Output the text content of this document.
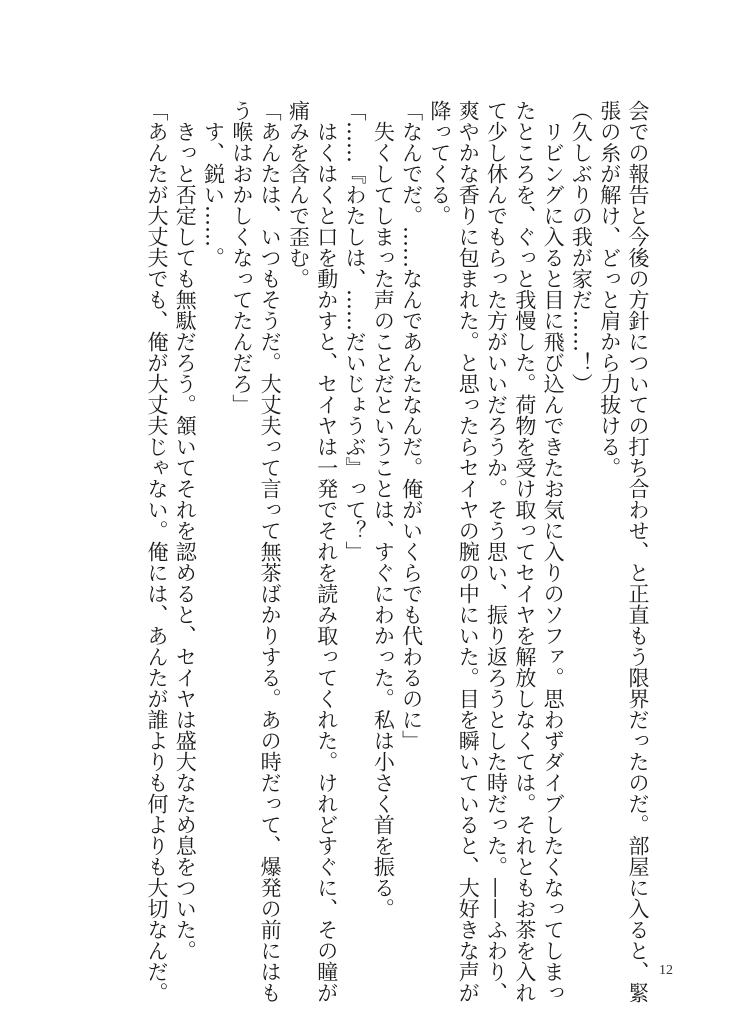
会での報告と今後の方針についての打ち合わせ、と正直もう限界だったのだ。部屋に入ると、緊
張の糸が解け、どっと肩から力抜ける。
（久しぶりの我が家だ……！）
　リビングに入ると目に飛び込んできたお気に入りのソファ。思わずダイブしたくなってしまっ
たところを、ぐっと我慢した。荷物を受け取ってセイヤを解放しなくては。それともお茶を入れ
て少し休んでもらった方がいいだろうか。そう思い、振り返ろうとした時だった。——ふわり、
爽やかな香りに包まれた。と思ったらセイヤの腕の中にいた。目を瞬いていると、大好きな声が
降ってくる。
「なんでだ。……なんであんたなんだ。俺がいくらでも代わるのに」
　失くしてしまった声のことだということは、すぐにわかった。私は小さく首を振る。
「……『わたしは、……だいじょうぶ』って？」
　はくはくと口を動かすと、セイヤは一発でそれを読み取ってくれた。けれどすぐに、その瞳が
痛みを含んで歪む。
「あんたは、いつもそうだ。大丈夫って言って無茶ばかりする。あの時だって、爆発の前にはも
う喉はおかしくなってたんだろ」
　す、鋭い……。
　きっと否定しても無駄だろう。頷いてそれを認めると、セイヤは盛大なため息をついた。
「あんたが大丈夫でも、俺が大丈夫じゃない。俺には、あんたが誰よりも何よりも大切なんだ。	12
